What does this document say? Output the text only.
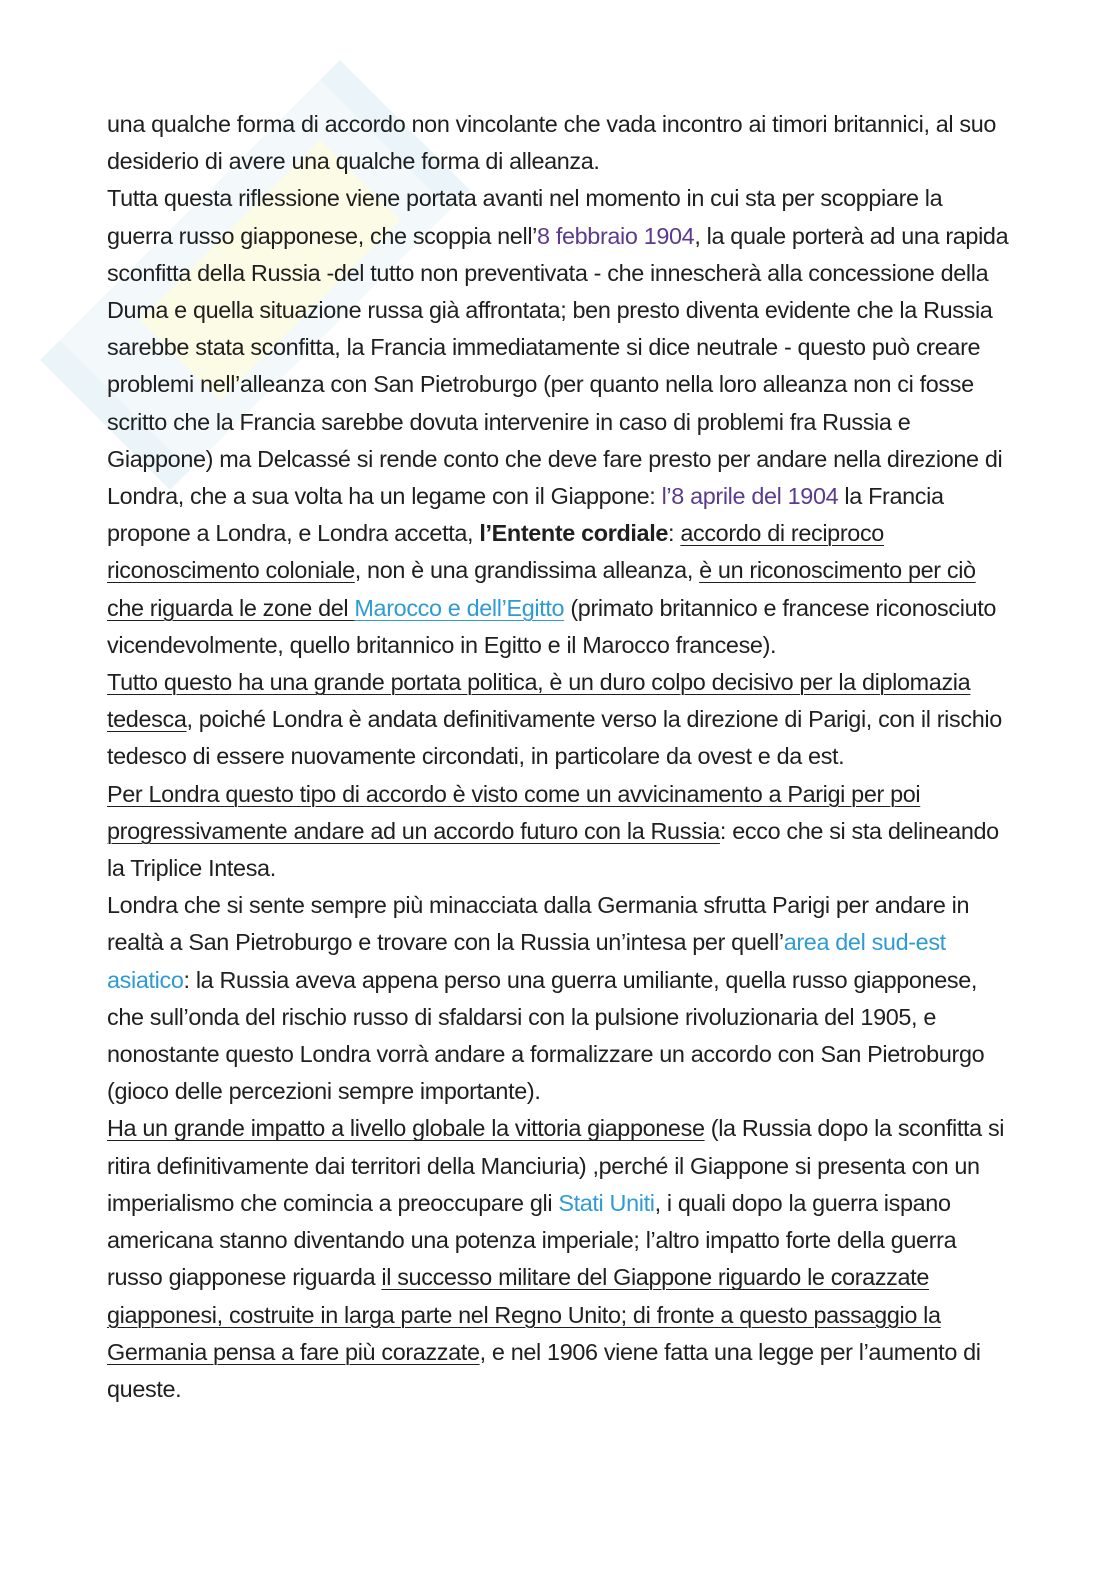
una qualche forma di accordo non vincolante che vada incontro ai timori britannici, al suo desiderio di avere una qualche forma di alleanza.

Tutta questa riflessione viene portata avanti nel momento in cui sta per scoppiare la guerra russo giapponese, che scoppia nell’8 febbraio 1904, la quale porterà ad una rapida sconfitta della Russia -del tutto non preventivata - che innescherà alla concessione della Duma e quella situazione russa già affrontata; ben presto diventa evidente che la Russia sarebbe stata sconfitta, la Francia immediatamente si dice neutrale - questo può creare problemi nell’alleanza con San Pietroburgo (per quanto nella loro alleanza non ci fosse scritto che la Francia sarebbe dovuta intervenire in caso di problemi fra Russia e Giappone) ma Delcassé si rende conto che deve fare presto per andare nella direzione di Londra, che a sua volta ha un legame con il Giappone: l’8 aprile del 1904 la Francia propone a Londra, e Londra accetta, l’Entente cordiale: accordo di reciproco riconoscimento coloniale, non è una grandissima alleanza, è un riconoscimento per ciò che riguarda le zone del Marocco e dell’Egitto (primato britannico e francese riconosciuto vicendevolmente, quello britannico in Egitto e il Marocco francese).

Tutto questo ha una grande portata politica, è un duro colpo decisivo per la diplomazia tedesca, poiché Londra è andata definitivamente verso la direzione di Parigi, con il rischio tedesco di essere nuovamente circondati, in particolare da ovest e da est.

Per Londra questo tipo di accordo è visto come un avvicinamento a Parigi per poi progressivamente andare ad un accordo futuro con la Russia: ecco che si sta delineando la Triplice Intesa.

Londra che si sente sempre più minacciata dalla Germania sfrutta Parigi per andare in realtà a San Pietroburgo e trovare con la Russia un’intesa per quell’area del sud-est asiatico: la Russia aveva appena perso una guerra umiliante, quella russo giapponese, che sull’onda del rischio russo di sfaldarsi con la pulsione rivoluzionaria del 1905, e nonostante questo Londra vorrà andare a formalizzare un accordo con San Pietroburgo (gioco delle percezioni sempre importante).

Ha un grande impatto a livello globale la vittoria giapponese (la Russia dopo la sconfitta si ritira definitivamente dai territori della Manciuria) ,perché il Giappone si presenta con un imperialismo che comincia a preoccupare gli Stati Uniti, i quali dopo la guerra ispano americana stanno diventando una potenza imperiale; l’altro impatto forte della guerra russo giapponese riguarda il successo militare del Giappone riguardo le corazzate giapponesi, costruite in larga parte nel Regno Unito; di fronte a questo passaggio la Germania pensa a fare più corazzate, e nel 1906 viene fatta una legge per l’aumento di queste.
